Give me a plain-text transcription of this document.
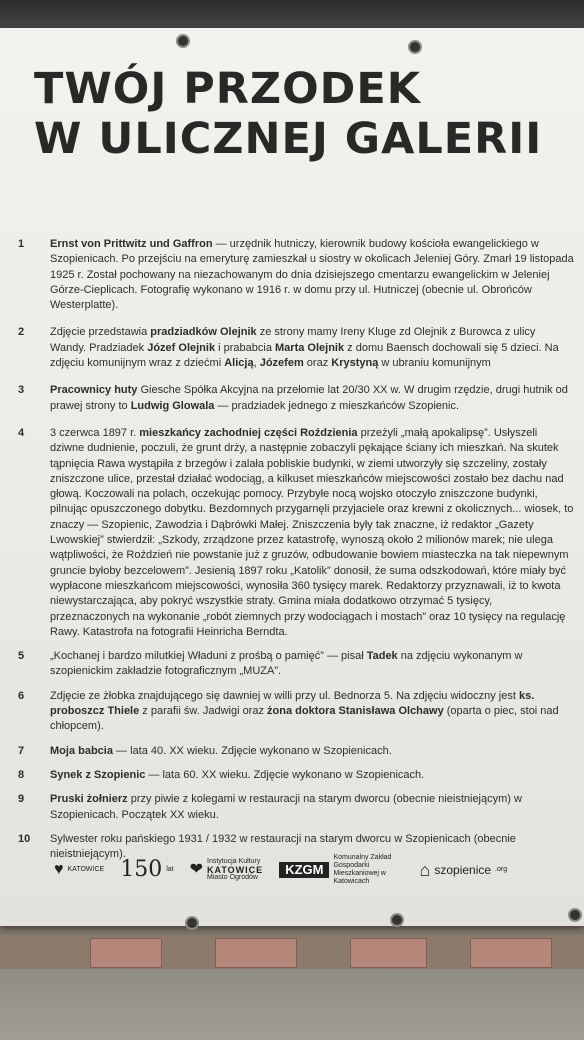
TWÓJ PRZODEK
W ULICZNEJ GALERII
1	Ernst von Prittwitz und Gaffron — urzędnik hutniczy, kierownik budowy kościoła ewangelickiego w Szopienicach. Po przejściu na emeryturę zamieszkał u siostry w okolicach Jeleniej Góry. Zmarł 19 listopada 1925 r. Został pochowany na niezachowanym do dnia dzisiejszego cmentarzu ewangelickim w Jeleniej Górze-Cieplicach. Fotografię wykonano w 1916 r. w domu przy ul. Hutniczej (obecnie ul. Obrońców Westerplatte).
2	Zdjęcie przedstawia pradziadków Olejnik ze strony mamy Ireny Kluge zd Olejnik z Burowca z ulicy Wandy. Pradziadek Józef Olejnik i prababcia Marta Olejnik z domu Baensch dochowali się 5 dzieci. Na zdjęciu komunijnym wraz z dziećmi Alicją, Józefem oraz Krystyną w ubraniu komunijnym
3	Pracownicy huty Giesche Spółka Akcyjna na przełomie lat 20/30 XX w. W drugim rzędzie, drugi hutnik od prawej strony to Ludwig Glowala — pradziadek jednego z mieszkańców Szopienic.
4	3 czerwca 1897 r. mieszkańcy zachodniej części Roździenia przeżyli „małą apokalipsę”. Usłyszeli dziwne dudnienie, poczuli, że grunt drży, a następnie zobaczyli pękające ściany ich mieszkań. Na skutek tąpnięcia Rawa wystąpiła z brzegów i zalała pobliskie budynki, w ziemi utworzyły się szczeliny, zostały zniszczone ulice, przestał działać wodociąg, a kilkuset mieszkańców miejscowości zostało bez dachu nad głową. Koczowali na polach, oczekując pomocy. Przybyłe nocą wojsko otoczyło zniszczone budynki, pilnując opuszczonego dobytku. Bezdomnych przygarnęli przyjaciele oraz krewni z okolicznych... wiosek, to znaczy — Szopienic, Zawodzia i Dąbrówki Małej. Zniszczenia były tak znaczne, iż redaktor „Gazety Lwowskiej” stwierdził: „Szkody, zrządzone przez katastrofę, wynoszą około 2 milionów marek; nie ulega wątpliwości, że Roździeń nie powstanie już z gruzów, odbudowanie bowiem miasteczka na tak niepewnym gruncie byłoby bezcelowem”. Jesienią 1897 roku „Katolik” donosił, że suma odszkodowań, które miały być wypłacone mieszkańcom miejscowości, wynosiła 360 tysięcy marek. Redaktorzy przyznawali, iż to kwota niewystarczająca, aby pokryć wszystkie straty. Gmina miała dodatkowo otrzymać 5 tysięcy, przeznaczonych na wykonanie „robót ziemnych przy wodociągach i mostach” oraz 10 tysięcy na regulację Rawy. Katastrofa na fotografii Heinricha Berndta.
5	„Kochanej i bardzo milutkiej Właduni z prośbą o pamięć” — pisał Tadek na zdjęciu wykonanym w szopienickim zakładzie fotograficznym „MUZA”.
6	Zdjęcie ze żłobka znajdującego się dawniej w willi przy ul. Bednorza 5. Na zdjęciu widoczny jest ks. proboszcz Thiele z parafii św. Jadwigi oraz żona doktora Stanisława Olchawy (oparta o piec, stoi nad chłopcem).
7	Moja babcia — lata 40. XX wieku. Zdjęcie wykonano w Szopienicach.
8	Synek z Szopienic — lata 60. XX wieku. Zdjęcie wykonano w Szopienicach.
9	Pruski żołnierz przy piwie z kolegami w restauracji na starym dworcu (obecnie nieistniejącym) w Szopienicach. Początek XX wieku.
10	Sylwester roku pańskiego 1931 / 1932 w restauracji na starym dworcu w Szopienicach (obecnie nieistniejącym).
♥ KATOWICE 150 lat ❤ Instytucja Kultury
KATOWICE
Miasto Ogrodów
KZGM
Komunalny Zakład Gospodarki Mieszkaniowej w Katowicach
⌂ szopienice .org
